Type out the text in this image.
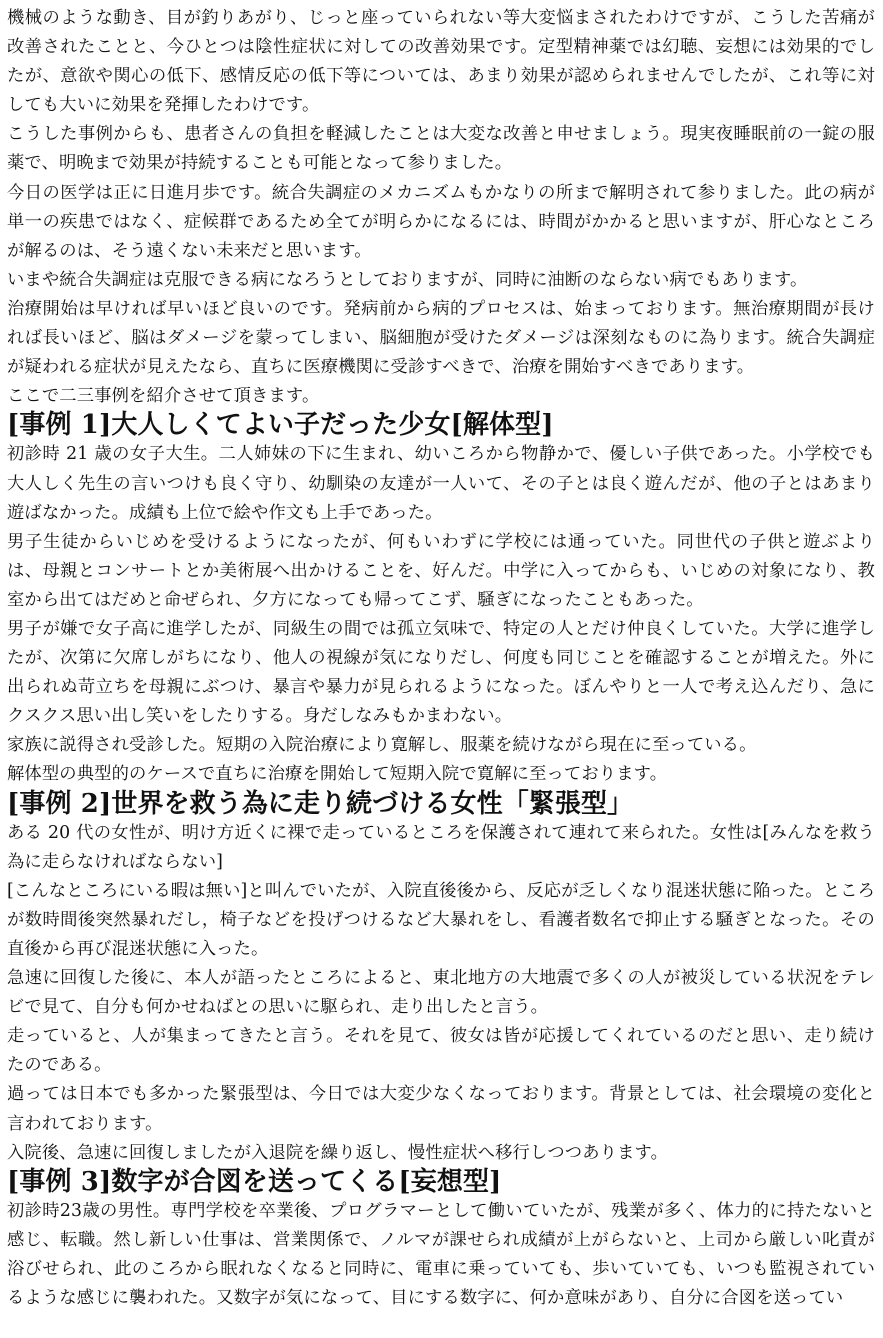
機械のような動き、目が釣りあがり、じっと座っていられない等大変悩まされたわけですが、こうした苦痛が改善されたことと、今ひとつは陰性症状に対しての改善効果です。定型精神薬では幻聴、妄想には効果的でしたが、意欲や関心の低下、感情反応の低下等については、あまり効果が認められませんでしたが、これ等に対しても大いに効果を発揮したわけです。

こうした事例からも、患者さんの負担を軽減したことは大変な改善と申せましょう。現実夜睡眠前の一錠の服薬で、明晩まで効果が持続することも可能となって参りました。

今日の医学は正に日進月歩です。統合失調症のメカニズムもかなりの所まで解明されて参りました。此の病が単一の疾患ではなく、症候群であるため全てが明らかになるには、時間がかかると思いますが、肝心なところが解るのは、そう遠くない未来だと思います。

いまや統合失調症は克服できる病になろうとしておりますが、同時に油断のならない病でもあります。

治療開始は早ければ早いほど良いのです。発病前から病的プロセスは、始まっております。無治療期間が長ければ長いほど、脳はダメージを蒙ってしまい、脳細胞が受けたダメージは深刻なものに為ります。統合失調症が疑われる症状が見えたなら、直ちに医療機関に受診すべきで、治療を開始すべきであります。

ここで二三事例を紹介させて頂きます。

[事例 1]大人しくてよい子だった少女[解体型]

初診時 21 歳の女子大生。二人姉妹の下に生まれ、幼いころから物静かで、優しい子供であった。小学校でも大人しく先生の言いつけも良く守り、幼馴染の友達が一人いて、その子とは良く遊んだが、他の子とはあまり遊ばなかった。成績も上位で絵や作文も上手であった。

男子生徒からいじめを受けるようになったが、何もいわずに学校には通っていた。同世代の子供と遊ぶよりは、母親とコンサートとか美術展へ出かけることを、好んだ。中学に入ってからも、いじめの対象になり、教室から出てはだめと命ぜられ、夕方になっても帰ってこず、騒ぎになったこともあった。

男子が嫌で女子高に進学したが、同級生の間では孤立気味で、特定の人とだけ仲良くしていた。大学に進学したが、次第に欠席しがちになり、他人の視線が気になりだし、何度も同じことを確認することが増えた。外に出られぬ苛立ちを母親にぶつけ、暴言や暴力が見られるようになった。ぼんやりと一人で考え込んだり、急にクスクス思い出し笑いをしたりする。身だしなみもかまわない。

家族に説得され受診した。短期の入院治療により寛解し、服薬を続けながら現在に至っている。

解体型の典型的のケースで直ちに治療を開始して短期入院で寛解に至っております。

[事例 2]世界を救う為に走り続づける女性「緊張型」

ある 20 代の女性が、明け方近くに裸で走っているところを保護されて連れて来られた。女性は[みんなを救う為に走らなければならない]

[こんなところにいる暇は無い]と叫んでいたが、入院直後後から、反応が乏しくなり混迷状態に陥った。ところが数時間後突然暴れだし，椅子などを投げつけるなど大暴れをし、看護者数名で抑止する騒ぎとなった。その直後から再び混迷状態に入った。

急速に回復した後に、本人が語ったところによると、東北地方の大地震で多くの人が被災している状況をテレビで見て、自分も何かせねばとの思いに駆られ、走り出したと言う。

走っていると、人が集まってきたと言う。それを見て、彼女は皆が応援してくれているのだと思い、走り続けたのである。

過っては日本でも多かった緊張型は、今日では大変少なくなっております。背景としては、社会環境の変化と言われております。

入院後、急速に回復しましたが入退院を繰り返し、慢性症状へ移行しつつあります。

[事例 3]数字が合図を送ってくる[妄想型]

初診時23歳の男性。専門学校を卒業後、プログラマーとして働いていたが、残業が多く、体力的に持たないと感じ、転職。然し新しい仕事は、営業関係で、ノルマが課せられ成績が上がらないと、上司から厳しい叱責が浴びせられ、此のころから眠れなくなると同時に、電車に乗っていても、歩いていても、いつも監視されているような感じに襲われた。又数字が気になって、目にする数字に、何か意味があり、自分に合図を送ってい
